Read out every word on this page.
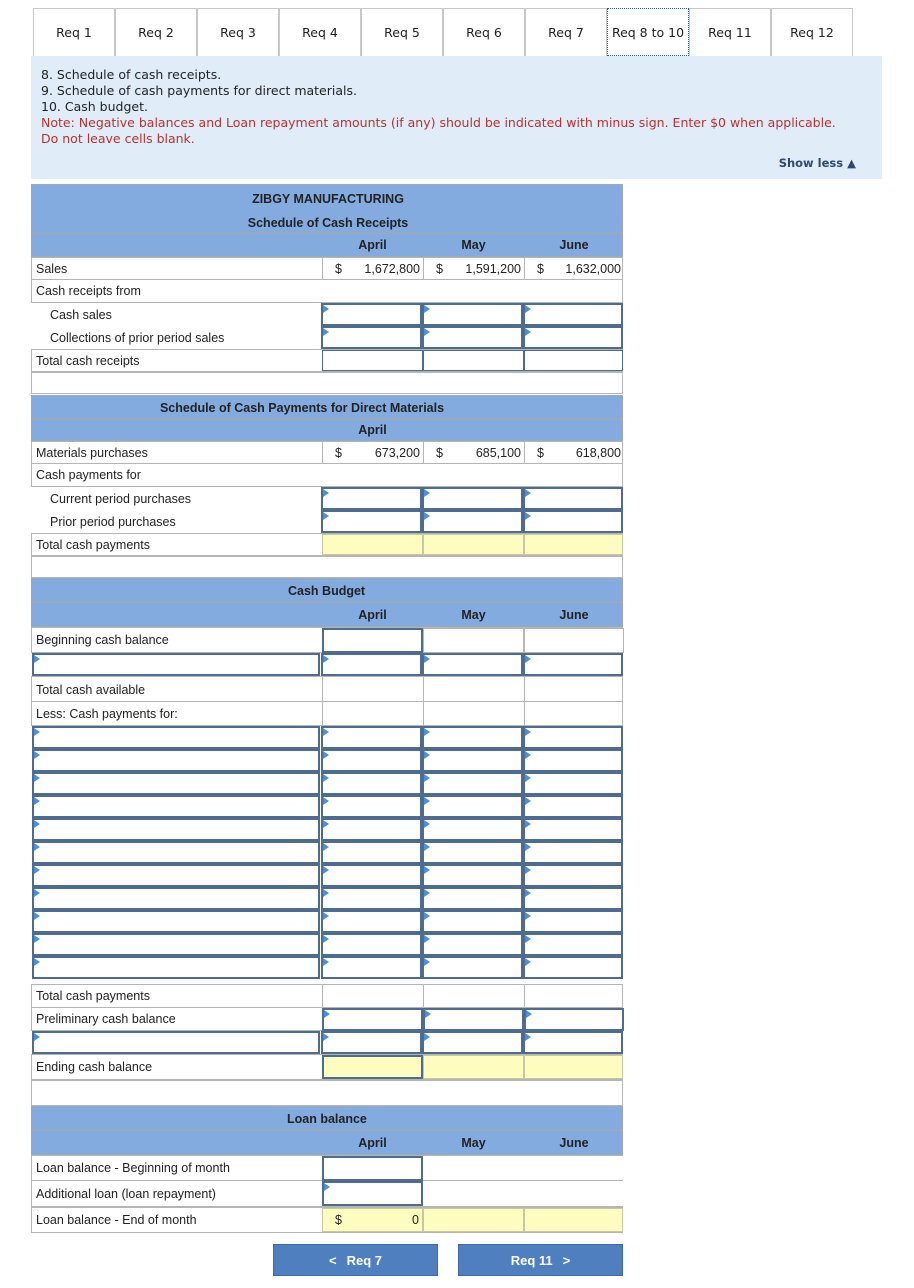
Req 1	Req 2	Req 3	Req 4	Req 5	Req 6	Req 7	Req 8 to 10	Req 11	Req 12
8. Schedule of cash receipts.
9. Schedule of cash payments for direct materials.
10. Cash budget.
Note: Negative balances and Loan repayment amounts (if any) should be indicated with minus sign. Enter $0 when applicable.
Do not leave cells blank.
Show less ▲
ZIBGY MANUFACTURING
Schedule of Cash Receipts
April	May	June
Sales	$ 1,672,800 $ 1,591,200 $ 1,632,000
Cash receipts from
Cash sales
Collections of prior period sales
Total cash receipts
Schedule of Cash Payments for Direct Materials
April
Materials purchases	$	673,200 $	685,100 $	618,800
Cash payments for
Current period purchases
Prior period purchases
Total cash payments
Cash Budget
April	May	June
Beginning cash balance
Total cash available
Less: Cash payments for:
Total cash payments
Preliminary cash balance
Ending cash balance
Loan balance
April	May	June
Loan balance - Beginning of month
Additional loan (loan repayment)
Loan balance - End of month	$	0
< Req 7	Req 11 >
